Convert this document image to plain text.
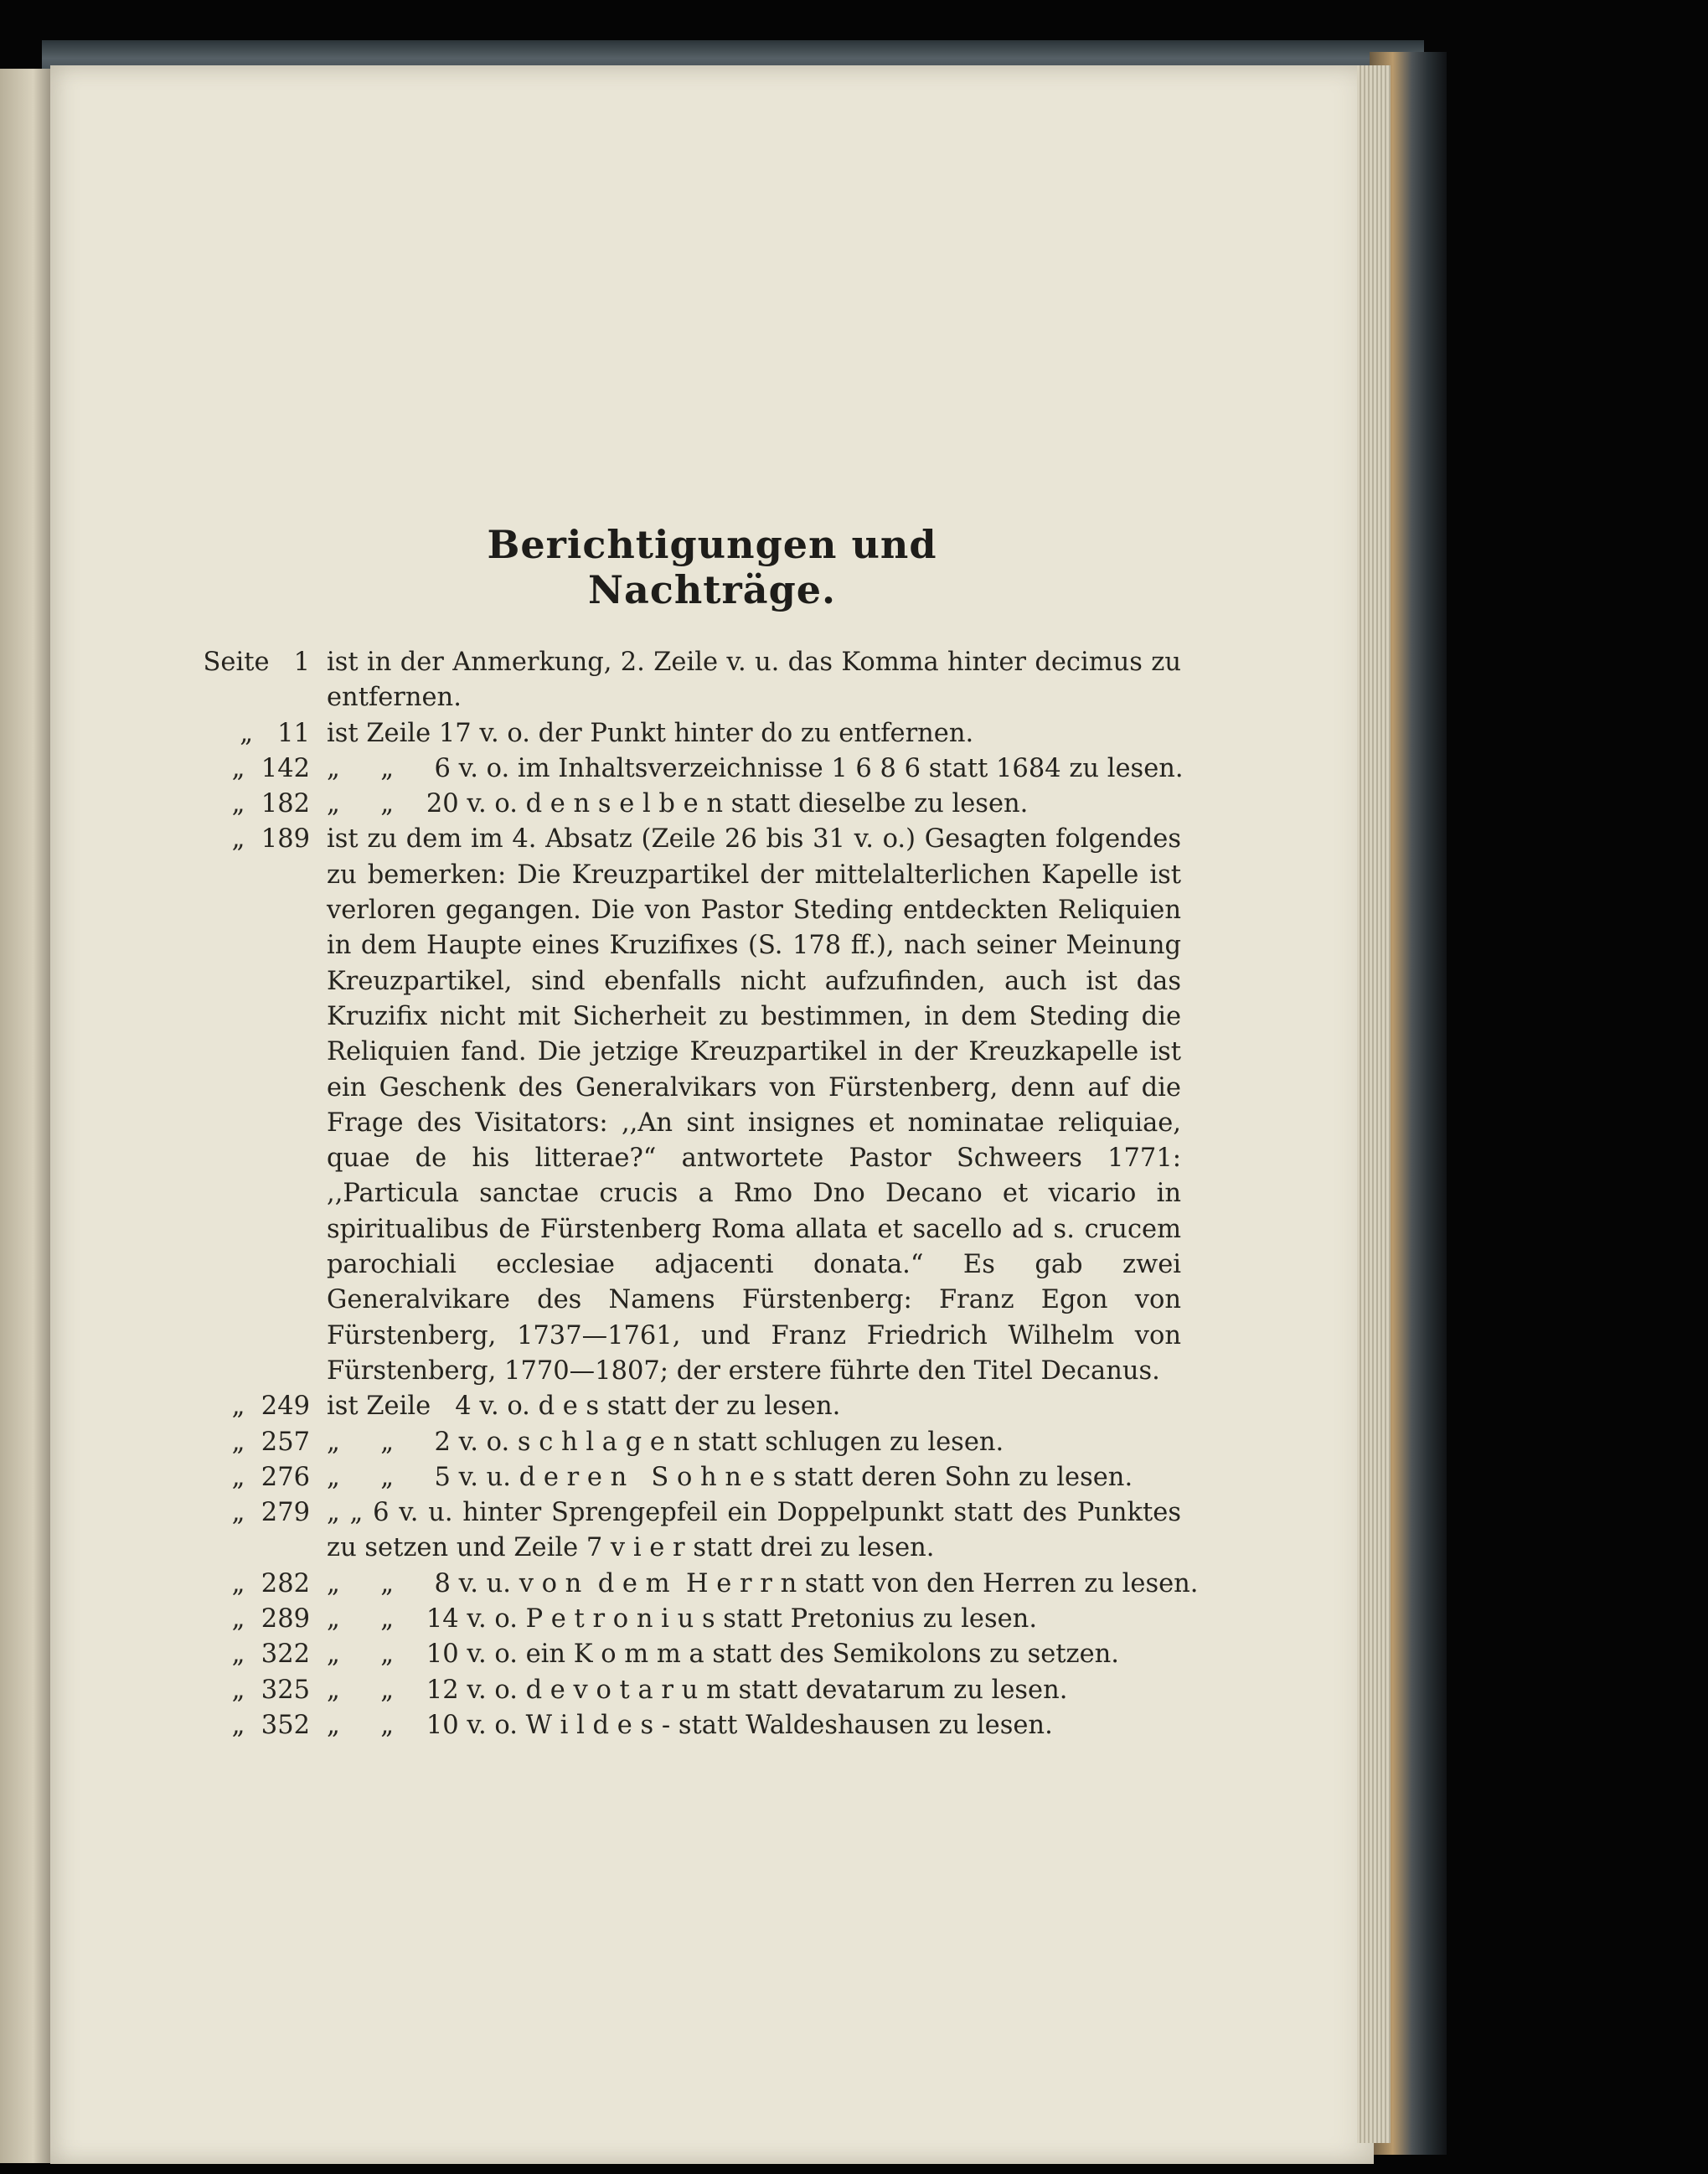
Berichtigungen und Nachträge.
Seite   1 ist in der Anmerkung, 2. Zeile v. u. das Komma hinter decimus zu entfernen.
„   11 ist Zeile 17 v. o. der Punkt hinter do zu entfernen.
„  142 „     „     6 v. o. im Inhaltsverzeichnisse 1 6 8 6 statt 1684 zu lesen.
„  182 „     „    20 v. o. d e n s e l b e n statt dieselbe zu lesen.
„  189 ist zu dem im 4. Absatz (Zeile 26 bis 31 v. o.) Gesagten folgendes zu bemerken: Die Kreuzpartikel der mittelalterlichen Kapelle ist verloren gegangen. Die von Pastor Steding entdeckten Reliquien in dem Haupte eines Kruzifixes (S. 178 ff.), nach seiner Meinung Kreuzpartikel, sind ebenfalls nicht aufzufinden, auch ist das Kruzifix nicht mit Sicherheit zu bestimmen, in dem Steding die Reliquien fand. Die jetzige Kreuzpartikel in der Kreuzkapelle ist ein Geschenk des Generalvikars von Fürstenberg, denn auf die Frage des Visitators: ,,An sint insignes et nominatae reliquiae, quae de his litterae?“ antwortete Pastor Schweers 1771: ,,Particula sanctae crucis a Rmo Dno Decano et vicario in spiritualibus de Fürstenberg Roma allata et sacello ad s. crucem parochiali ecclesiae adjacenti donata.“ Es gab zwei Generalvikare des Namens Fürstenberg: Franz Egon von Fürstenberg, 1737—1761, und Franz Friedrich Wilhelm von Fürstenberg, 1770—1807; der erstere führte den Titel Decanus.
„  249 ist Zeile   4 v. o. d e s statt der zu lesen.
„  257 „     „     2 v. o. s c h l a g e n statt schlugen zu lesen.
„  276 „     „     5 v. u. d e r e n   S o h n e s statt deren Sohn zu lesen.
„  279 „ „ 6 v. u. hinter Sprengepfeil ein Doppelpunkt statt des Punktes zu setzen und Zeile 7 v i e r statt drei zu lesen.
„  282 „     „     8 v. u. v o n  d e m  H e r r n statt von den Herren zu lesen.
„  289 „     „    14 v. o. P e t r o n i u s statt Pretonius zu lesen.
„  322 „     „    10 v. o. ein K o m m a statt des Semikolons zu setzen.
„  325 „     „    12 v. o. d e v o t a r u m statt devatarum zu lesen.
„  352 „     „    10 v. o. W i l d e s - statt Waldeshausen zu lesen.
